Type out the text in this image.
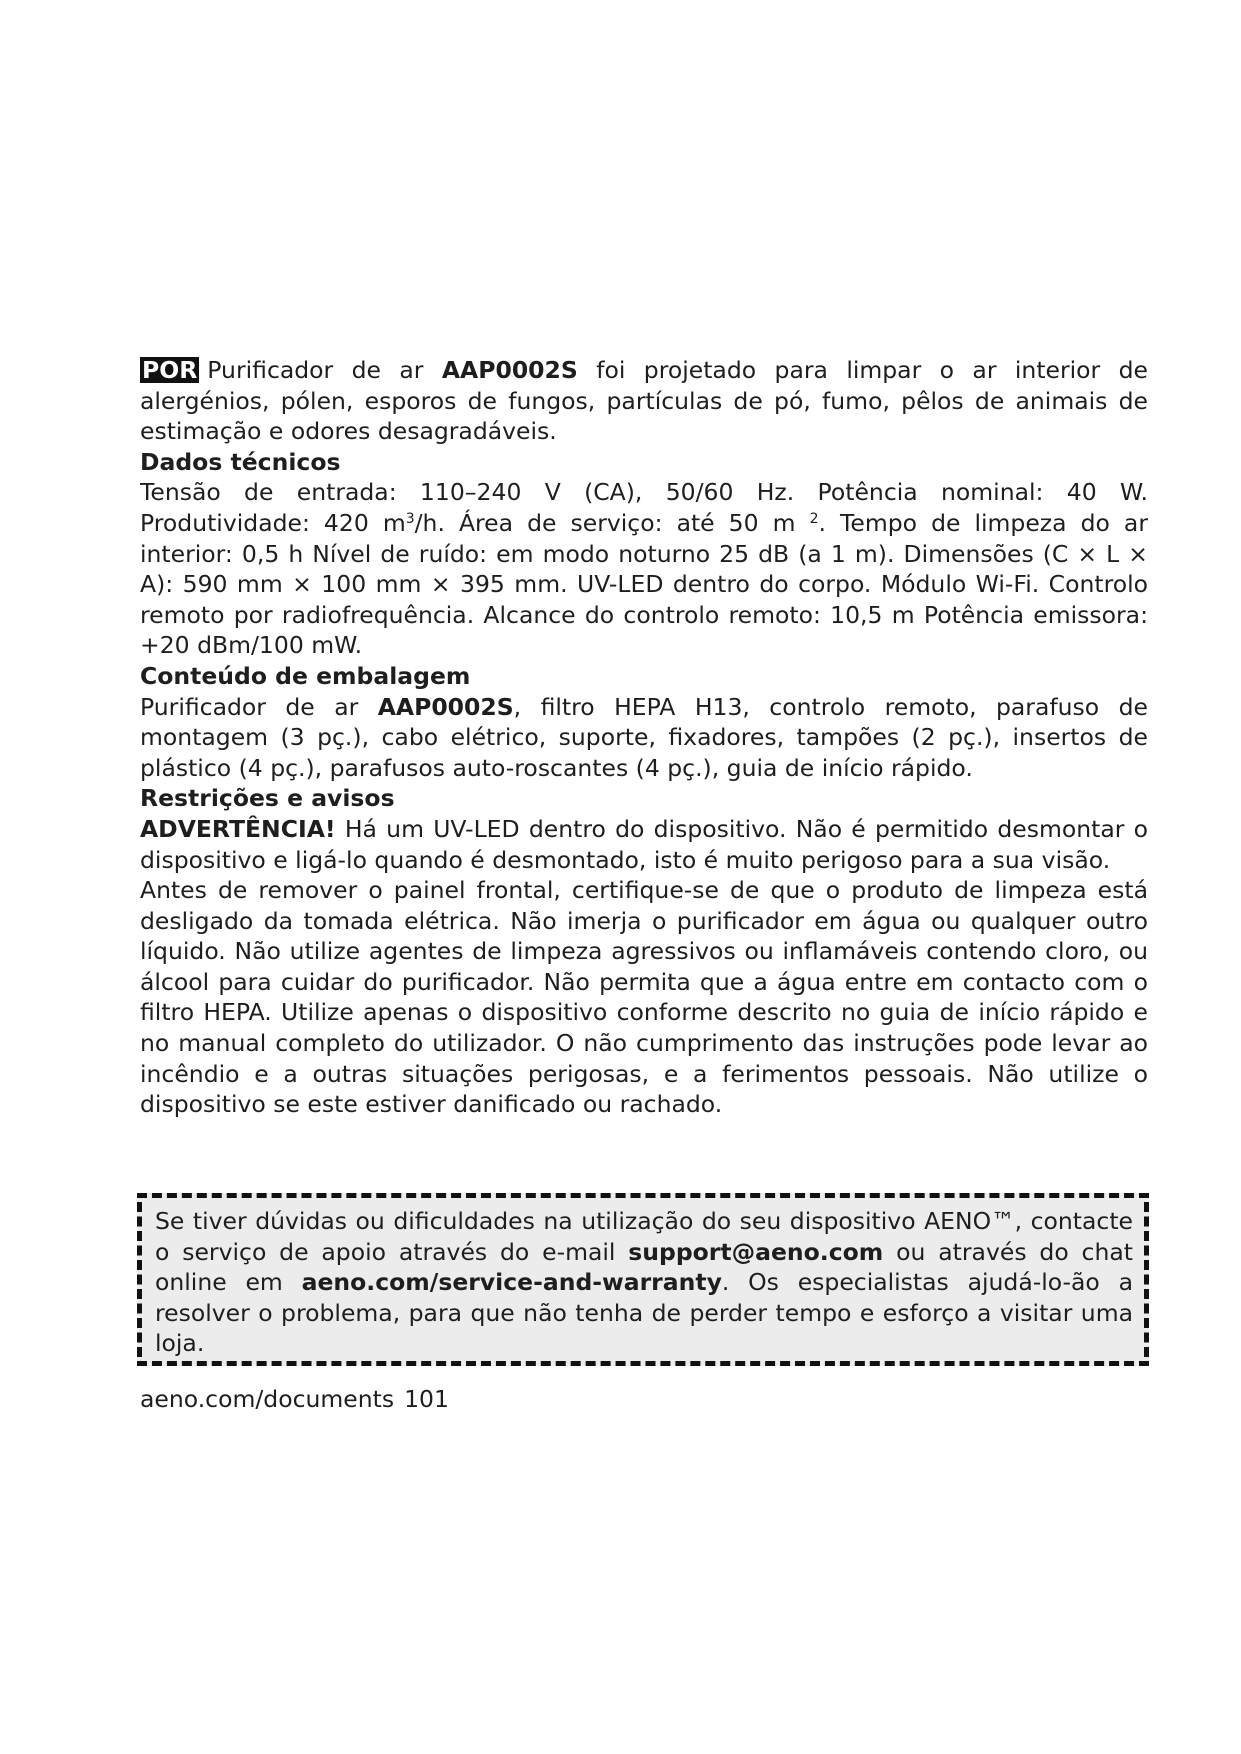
POR Purificador de ar AAP0002S foi projetado para limpar o ar interior de alergénios, pólen, esporos de fungos, partículas de pó, fumo, pêlos de animais de estimação e odores desagradáveis.

Dados técnicos

Tensão de entrada: 110–240 V (CA), 50/60 Hz. Potência nominal: 40 W. Produtividade: 420 $m^3/h$. Área de serviço: até 50 m $^2$. Tempo de limpeza do ar interior: 0,5 h Nível de ruído: em modo noturno 25 dB (a 1 m). Dimensões (C × L × A): 590 mm × 100 mm × 395 mm. UV-LED dentro do corpo. Módulo Wi-Fi. Controlo remoto por radiofrequência. Alcance do controlo remoto: 10,5 m Potência emissora: +20 dBm/100 mW.

Conteúdo de embalagem

Purificador de ar AAP0002S, filtro HEPA H13, controlo remoto, parafuso de montagem (3 pç.), cabo elétrico, suporte, fixadores, tampões (2 pç.), insertos de plástico (4 pç.), parafusos auto-roscantes (4 pç.), guia de início rápido.

Restrições e avisos

ADVERTÊNCIA! Há um UV-LED dentro do dispositivo. Não é permitido desmontar o dispositivo e ligá-lo quando é desmontado, isto é muito perigoso para a sua visão.

Antes de remover o painel frontal, certifique-se de que o produto de limpeza está desligado da tomada elétrica. Não imerja o purificador em água ou qualquer outro líquido. Não utilize agentes de limpeza agressivos ou inflamáveis contendo cloro, ou álcool para cuidar do purificador. Não permita que a água entre em contacto com o filtro HEPA. Utilize apenas o dispositivo conforme descrito no guia de início rápido e no manual completo do utilizador. O não cumprimento das instruções pode levar ao incêndio e a outras situações perigosas, e a ferimentos pessoais. Não utilize o dispositivo se este estiver danificado ou rachado.

Se tiver dúvidas ou dificuldades na utilização do seu dispositivo AENO™, contacte o serviço de apoio através do e-mail support@aeno.com ou através do chat online em aeno.com/service-and-warranty. Os especialistas ajudá-lo-ão a resolver o problema, para que não tenha de perder tempo e esforço a visitar uma loja.

aeno.com/documents 101
